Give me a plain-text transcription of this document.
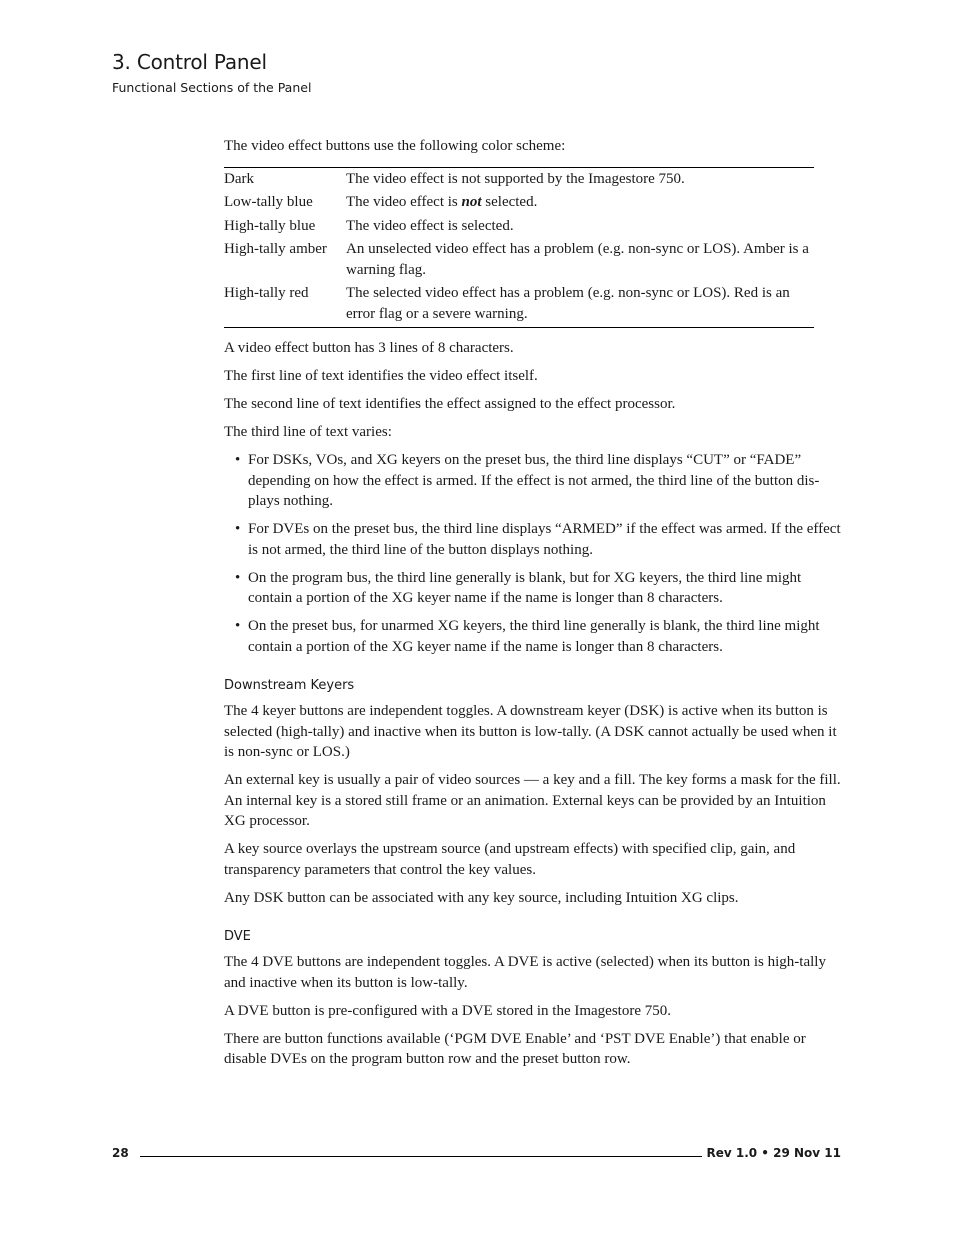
3. Control Panel
Functional Sections of the Panel

The video effect buttons use the following color scheme:

Dark	The video effect is not supported by the Imagestore 750.
Low-tally blue	The video effect is not selected.
High-tally blue	The video effect is selected.
High-tally amber	An unselected video effect has a problem (e.g. non-sync or LOS). Amber is a warning flag.
High-tally red	The selected video effect has a problem (e.g. non-sync or LOS). Red is an error flag or a severe warning.

A video effect button has 3 lines of 8 characters.

The first line of text identifies the video effect itself.

The second line of text identifies the effect assigned to the effect processor.

The third line of text varies:

• For DSKs, VOs, and XG keyers on the preset bus, the third line displays “CUT” or “FADE” depending on how the effect is armed. If the effect is not armed, the third line of the button dis-plays nothing.
• For DVEs on the preset bus, the third line displays “ARMED” if the effect was armed. If the effect is not armed, the third line of the button displays nothing.
• On the program bus, the third line generally is blank, but for XG keyers, the third line might contain a portion of the XG keyer name if the name is longer than 8 characters.
• On the preset bus, for unarmed XG keyers, the third line generally is blank, the third line might contain a portion of the XG keyer name if the name is longer than 8 characters.
Downstream Keyers

The 4 keyer buttons are independent toggles. A downstream keyer (DSK) is active when its button is selected (high-tally) and inactive when its button is low-tally. (A DSK cannot actually be used when it is non-sync or LOS.)

An external key is usually a pair of video sources — a key and a fill. The key forms a mask for the fill. An internal key is a stored still frame or an animation. External keys can be provided by an Intuition XG processor.

A key source overlays the upstream source (and upstream effects) with specified clip, gain, and transparency parameters that control the key values.

Any DSK button can be associated with any key source, including Intuition XG clips.

DVE

The 4 DVE buttons are independent toggles. A DVE is active (selected) when its button is high-tally and inactive when its button is low-tally.

A DVE button is pre-configured with a DVE stored in the Imagestore 750.

There are button functions available (‘PGM DVE Enable’ and ‘PST DVE Enable’) that enable or disable DVEs on the program button row and the preset button row.

28	Rev 1.0 • 29 Nov 11
